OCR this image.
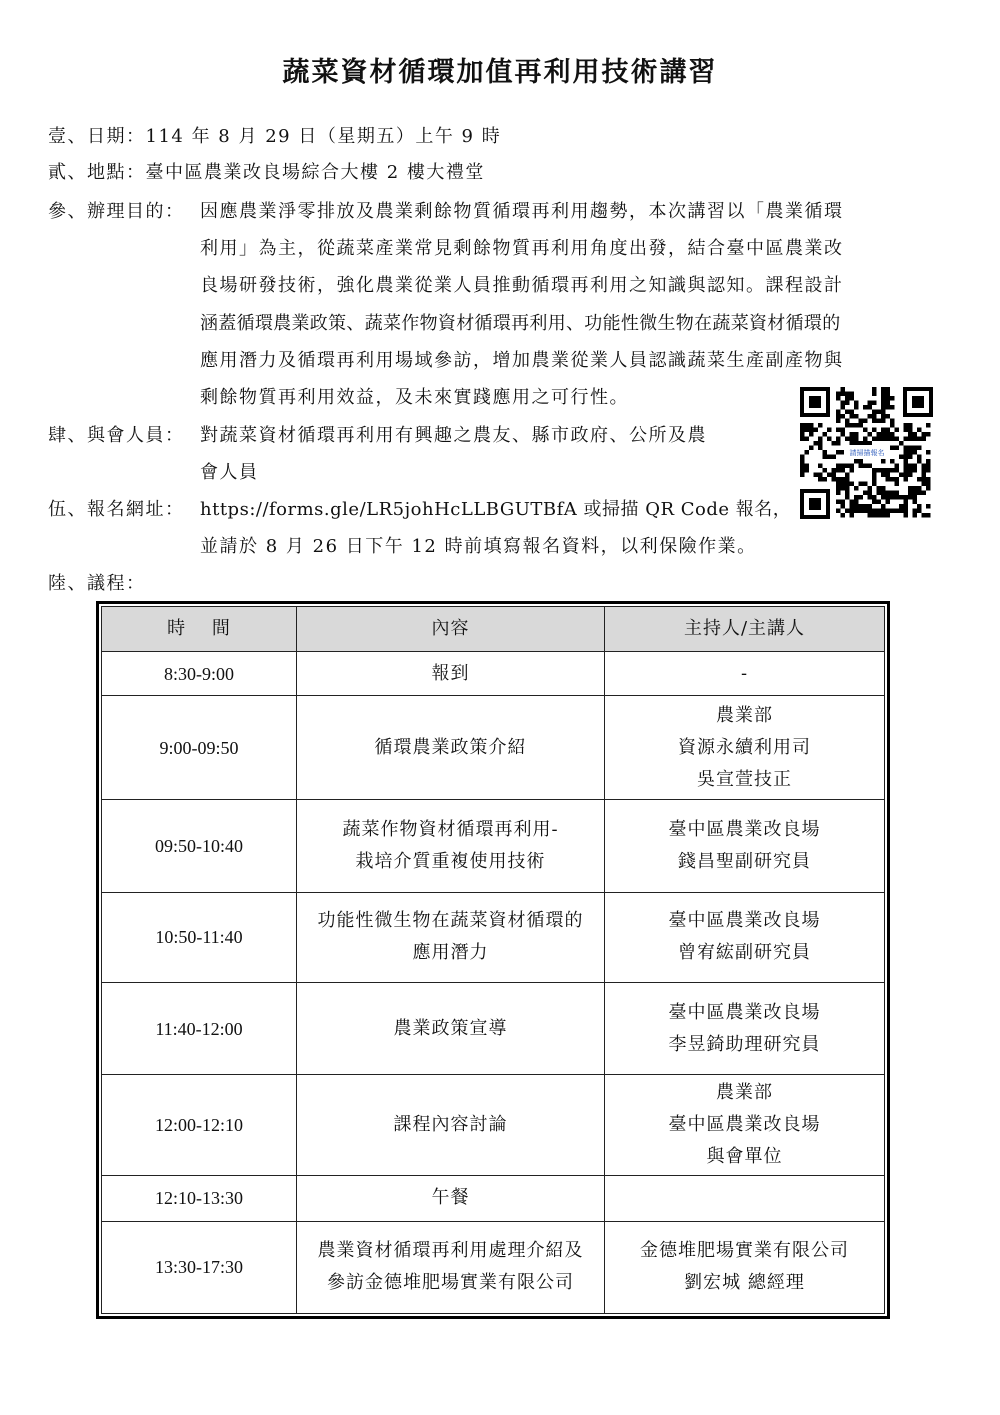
蔬菜資材循環加值再利用技術講習
壹、日期：114 年 8 月 29 日（星期五）上午 9 時
貳、地點：臺中區農業改良場綜合大樓 2 樓大禮堂
參、辦理目的： 因應農業淨零排放及農業剩餘物質循環再利用趨勢，本次講習以「農業循環
利用」為主，從蔬菜產業常見剩餘物質再利用角度出發，結合臺中區農業改
良場研發技術，強化農業從業人員推動循環再利用之知識與認知。課程設計
涵蓋循環農業政策、蔬菜作物資材循環再利用、功能性微生物在蔬菜資材循環的
應用潛力及循環再利用場域參訪，增加農業從業人員認識蔬菜生產副產物與
剩餘物質再利用效益，及未來實踐應用之可行性。
肆、與會人員： 對蔬菜資材循環再利用有興趣之農友、縣市政府、公所及農
會人員
伍、報名網址： https://forms.gle/LR5johHcLLBGUTBfA 或掃描 QR Code 報名，
並請於 8 月 26 日下午 12 時前填寫報名資料，以利保險作業。
陸、議程：
請掃描報名
時　 間	內容	主持人/主講人
8:30-9:00	報到	-

9:00-09:50	循環農業政策介紹	農業部
資源永續利用司
吳宣萱技正

09:50-10:40	蔬菜作物資材循環再利用-
栽培介質重複使用技術	臺中區農業改良場
錢昌聖副研究員

10:50-11:40	功能性微生物在蔬菜資材循環的
應用潛力	臺中區農業改良場
曾宥綋副研究員

11:40-12:00	農業政策宣導	臺中區農業改良場
李昱錡助理研究員

12:00-12:10	課程內容討論	農業部
臺中區農業改良場
與會單位

12:10-13:30	午餐	

13:30-17:30	農業資材循環再利用處理介紹及
參訪金德堆肥場實業有限公司	金德堆肥場實業有限公司
劉宏城 總經理
